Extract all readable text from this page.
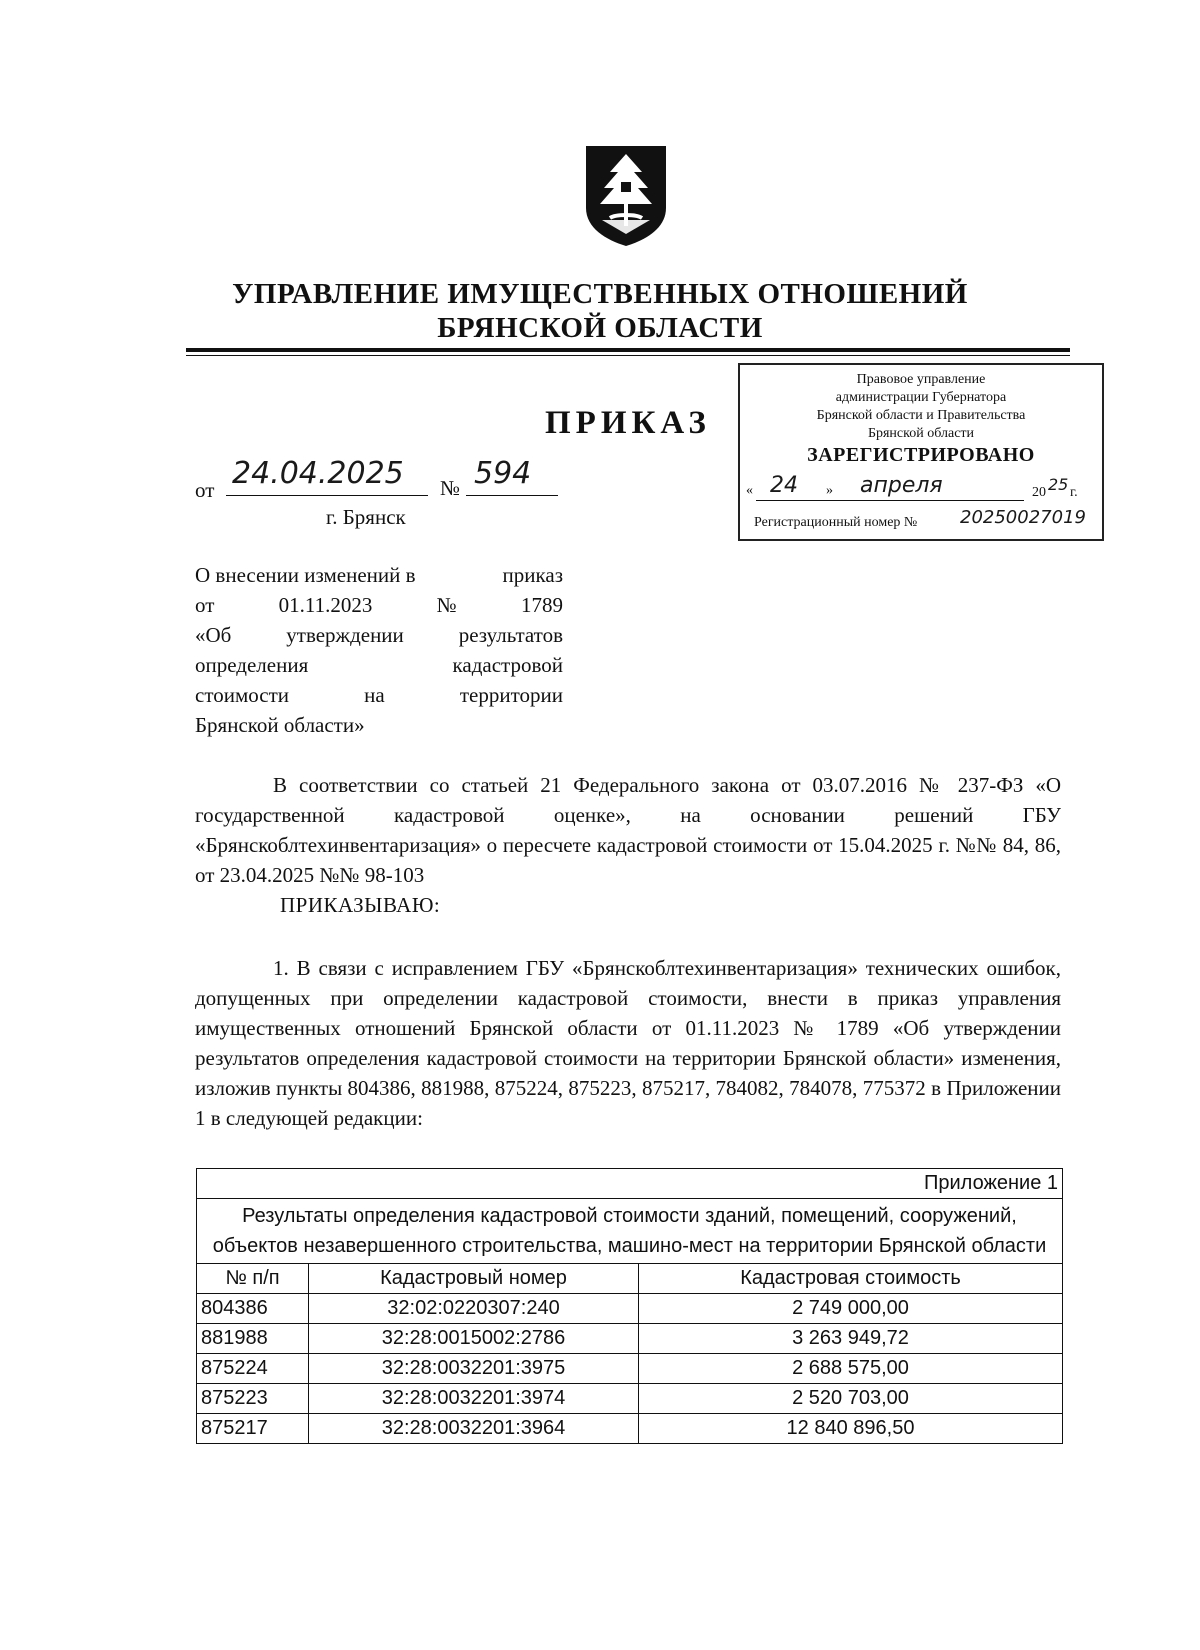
УПРАВЛЕНИЕ ИМУЩЕСТВЕННЫХ ОТНОШЕНИЙ
БРЯНСКОЙ ОБЛАСТИ
ПРИКАЗ
от 24.04.2025 № 594
г. Брянск
Правовое управление
администрации Губернатора
Брянской области и Правительства
Брянской области
ЗАРЕГИСТРИРОВАНО
« 24 » апреля	20 25 г.
Регистрационный номер № 20250027019
О внесении изменений в	приказ
от	01.11.2023	№	1789
«Об	утверждении	результатов
определения	кадастровой
стоимости	на	территории
Брянской области»
В соответствии со статьей 21 Федерального закона от 03.07.2016 № 237-ФЗ «О государственной кадастровой оценке», на основании решений ГБУ «Брянскоблтехинвентаризация» о пересчете кадастровой стоимости от 15.04.2025 г. №№ 84, 86, от 23.04.2025 №№ 98-103
ПРИКАЗЫВАЮ:
1. В связи с исправлением ГБУ «Брянскоблтехинвентаризация» технических ошибок, допущенных при определении кадастровой стоимости, внести в приказ управления имущественных отношений Брянской области от 01.11.2023 № 1789 «Об утверждении результатов определения кадастровой стоимости на территории Брянской области» изменения, изложив пункты 804386, 881988, 875224, 875223, 875217, 784082, 784078, 775372 в Приложении 1 в следующей редакции:
Приложение 1		
Результаты определения кадастровой стоимости зданий, помещений, сооружений, объектов незавершенного строительства, машино-мест на территории Брянской области		
№ п/п	Кадастровый номер	Кадастровая стоимость
804386	32:02:0220307:240	2 749 000,00
881988	32:28:0015002:2786	3 263 949,72
875224	32:28:0032201:3975	2 688 575,00
875223	32:28:0032201:3974	2 520 703,00
875217	32:28:0032201:3964	12 840 896,50
